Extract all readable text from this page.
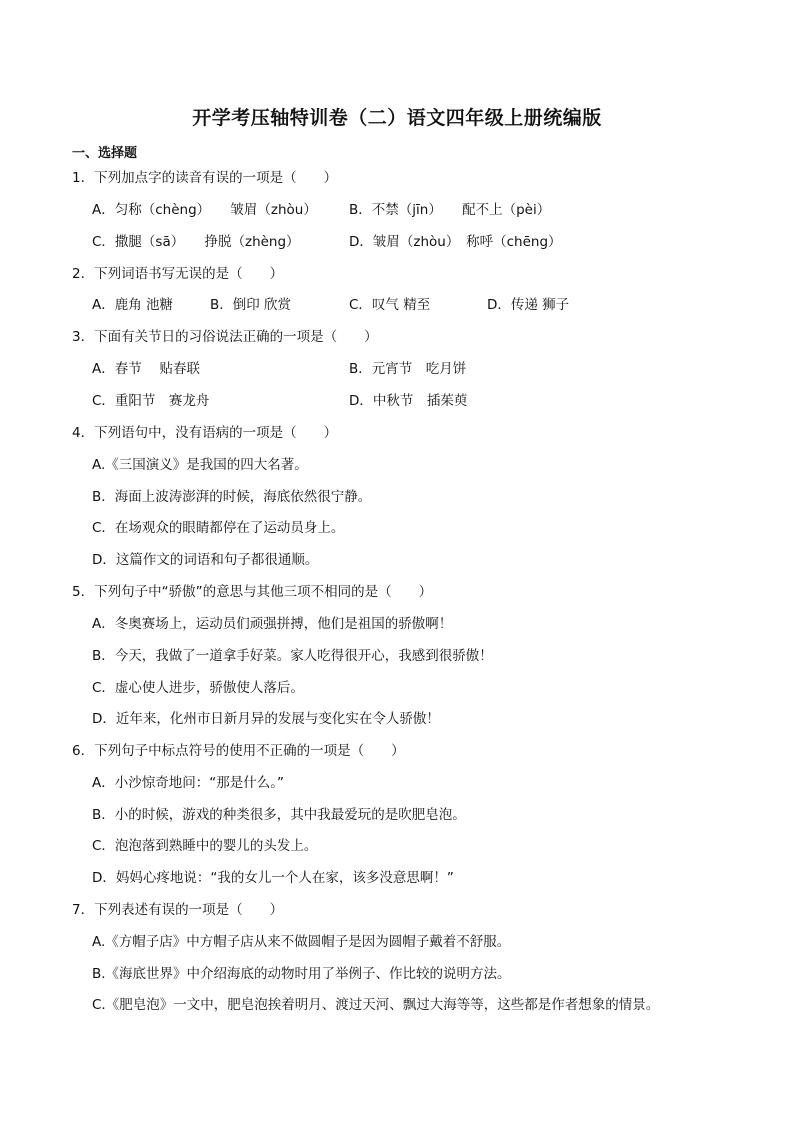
开学考压轴特训卷（二）语文四年级上册统编版
一、选择题
1．下列加点字的读音有误的一项是（　　）
A．匀称（chèng）　　皱眉（zhòu） B．不禁（jīn）　　配不上（pèi）
C．撒腿（sā）　　挣脱（zhèng）	D．皱眉（zhòu）　称呼（chēng）
2．下列词语书写无误的是（　　）
A．鹿角 池糖	B．倒印 欣赏	C．叹气 精至	D．传递 狮子
3．下面有关节日的习俗说法正确的一项是（　　）
A．春节　 贴春联	B．元宵节　吃月饼
C．重阳节　赛龙舟	D．中秋节　插茱萸
4．下列语句中，没有语病的一项是（　　）
A.《三国演义》是我国的四大名著。
B．海面上波涛澎湃的时候，海底依然很宁静。
C．在场观众的眼睛都停在了运动员身上。
D．这篇作文的词语和句子都很通顺。
5．下列句子中“骄傲”的意思与其他三项不相同的是（　　）
A．冬奥赛场上，运动员们顽强拼搏，他们是祖国的骄傲啊！
B．今天，我做了一道拿手好菜。家人吃得很开心，我感到很骄傲！
C．虚心使人进步，骄傲使人落后。
D．近年来，化州市日新月异的发展与变化实在令人骄傲！
6．下列句子中标点符号的使用不正确的一项是（　　）
A．小沙惊奇地问：“那是什么。”
B．小的时候，游戏的种类很多，其中我最爱玩的是吹肥皂泡。
C．泡泡落到熟睡中的婴儿的头发上。
D．妈妈心疼地说：“我的女儿一个人在家，该多没意思啊！”
7．下列表述有误的一项是（　　）
A.《方帽子店》中方帽子店从来不做圆帽子是因为圆帽子戴着不舒服。
B.《海底世界》中介绍海底的动物时用了举例子、作比较的说明方法。
C.《肥皂泡》一文中，肥皂泡挨着明月、渡过天河、飘过大海等等，这些都是作者想象的情景。
